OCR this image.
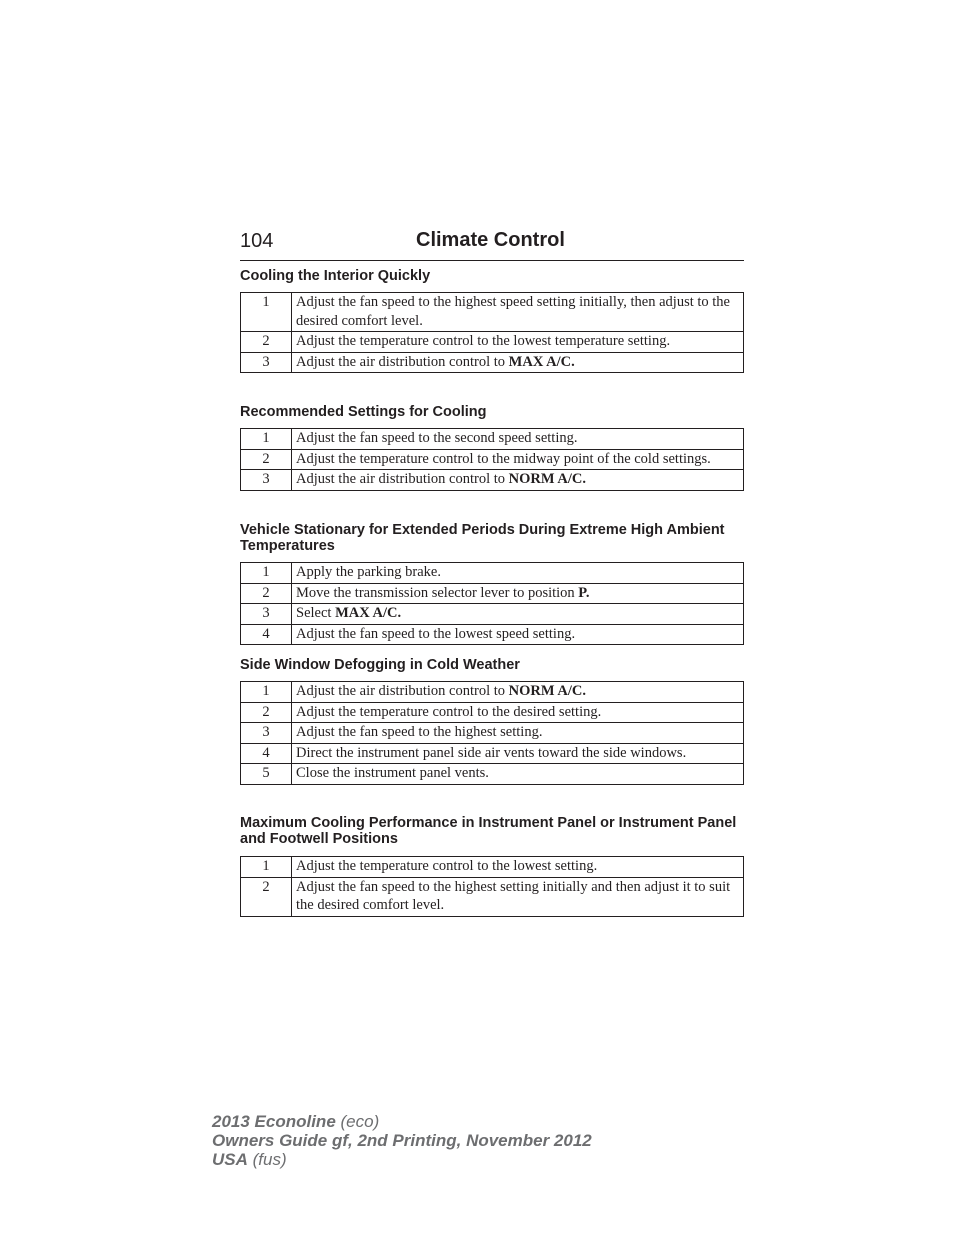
104	Climate Control
Cooling the Interior Quickly
1	Adjust the fan speed to the highest speed setting initially, then adjust to the desired comfort level.
2	Adjust the temperature control to the lowest temperature setting.
3	Adjust the air distribution control to MAX A/C.
Recommended Settings for Cooling
1	Adjust the fan speed to the second speed setting.
2	Adjust the temperature control to the midway point of the cold settings.
3	Adjust the air distribution control to NORM A/C.
Vehicle Stationary for Extended Periods During Extreme High Ambient Temperatures
1	Apply the parking brake.
2	Move the transmission selector lever to position P.
3	Select MAX A/C.
4	Adjust the fan speed to the lowest speed setting.
Side Window Defogging in Cold Weather
1	Adjust the air distribution control to NORM A/C.
2	Adjust the temperature control to the desired setting.
3	Adjust the fan speed to the highest setting.
4	Direct the instrument panel side air vents toward the side windows.
5	Close the instrument panel vents.
Maximum Cooling Performance in Instrument Panel or Instrument Panel and Footwell Positions
1	Adjust the temperature control to the lowest setting.
2	Adjust the fan speed to the highest setting initially and then adjust it to suit the desired comfort level.
2013 Econoline (eco)
Owners Guide gf, 2nd Printing, November 2012
USA (fus)
